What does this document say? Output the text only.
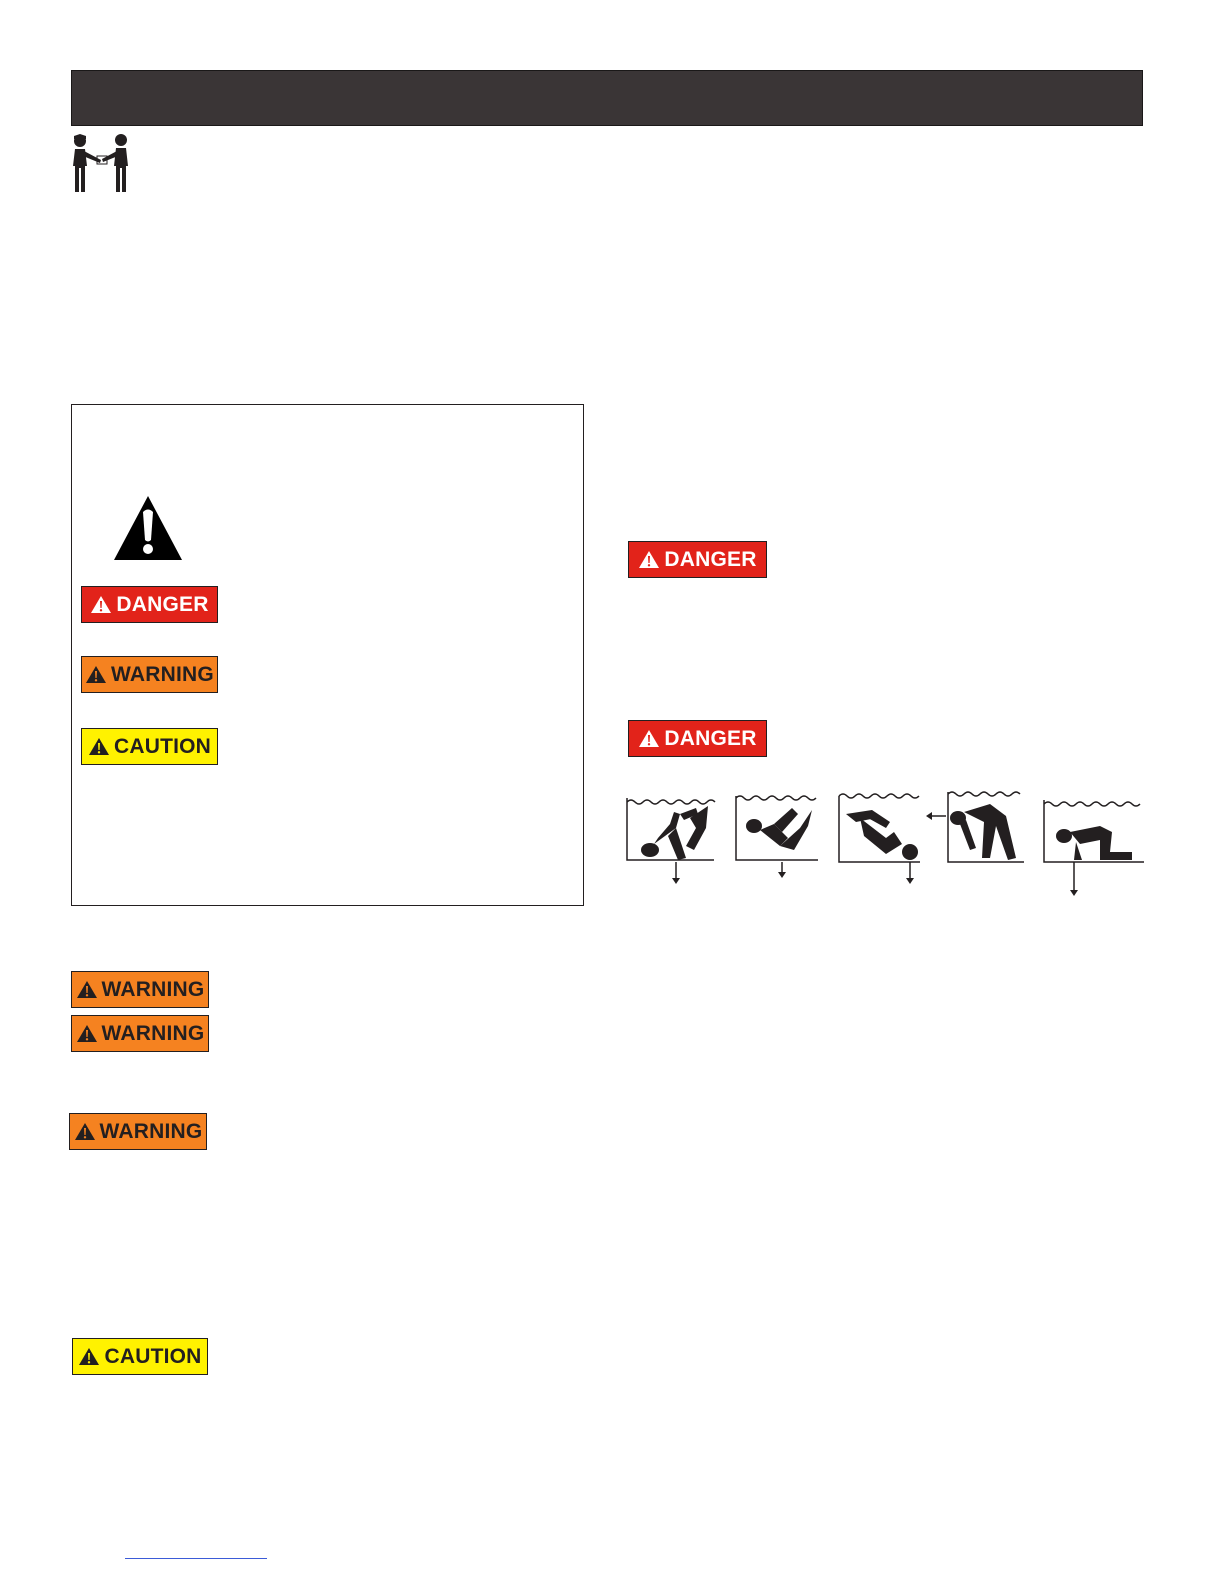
DANGER
WARNING
CAUTION
DANGER
DANGER
WARNING
WARNING
WARNING
CAUTION
